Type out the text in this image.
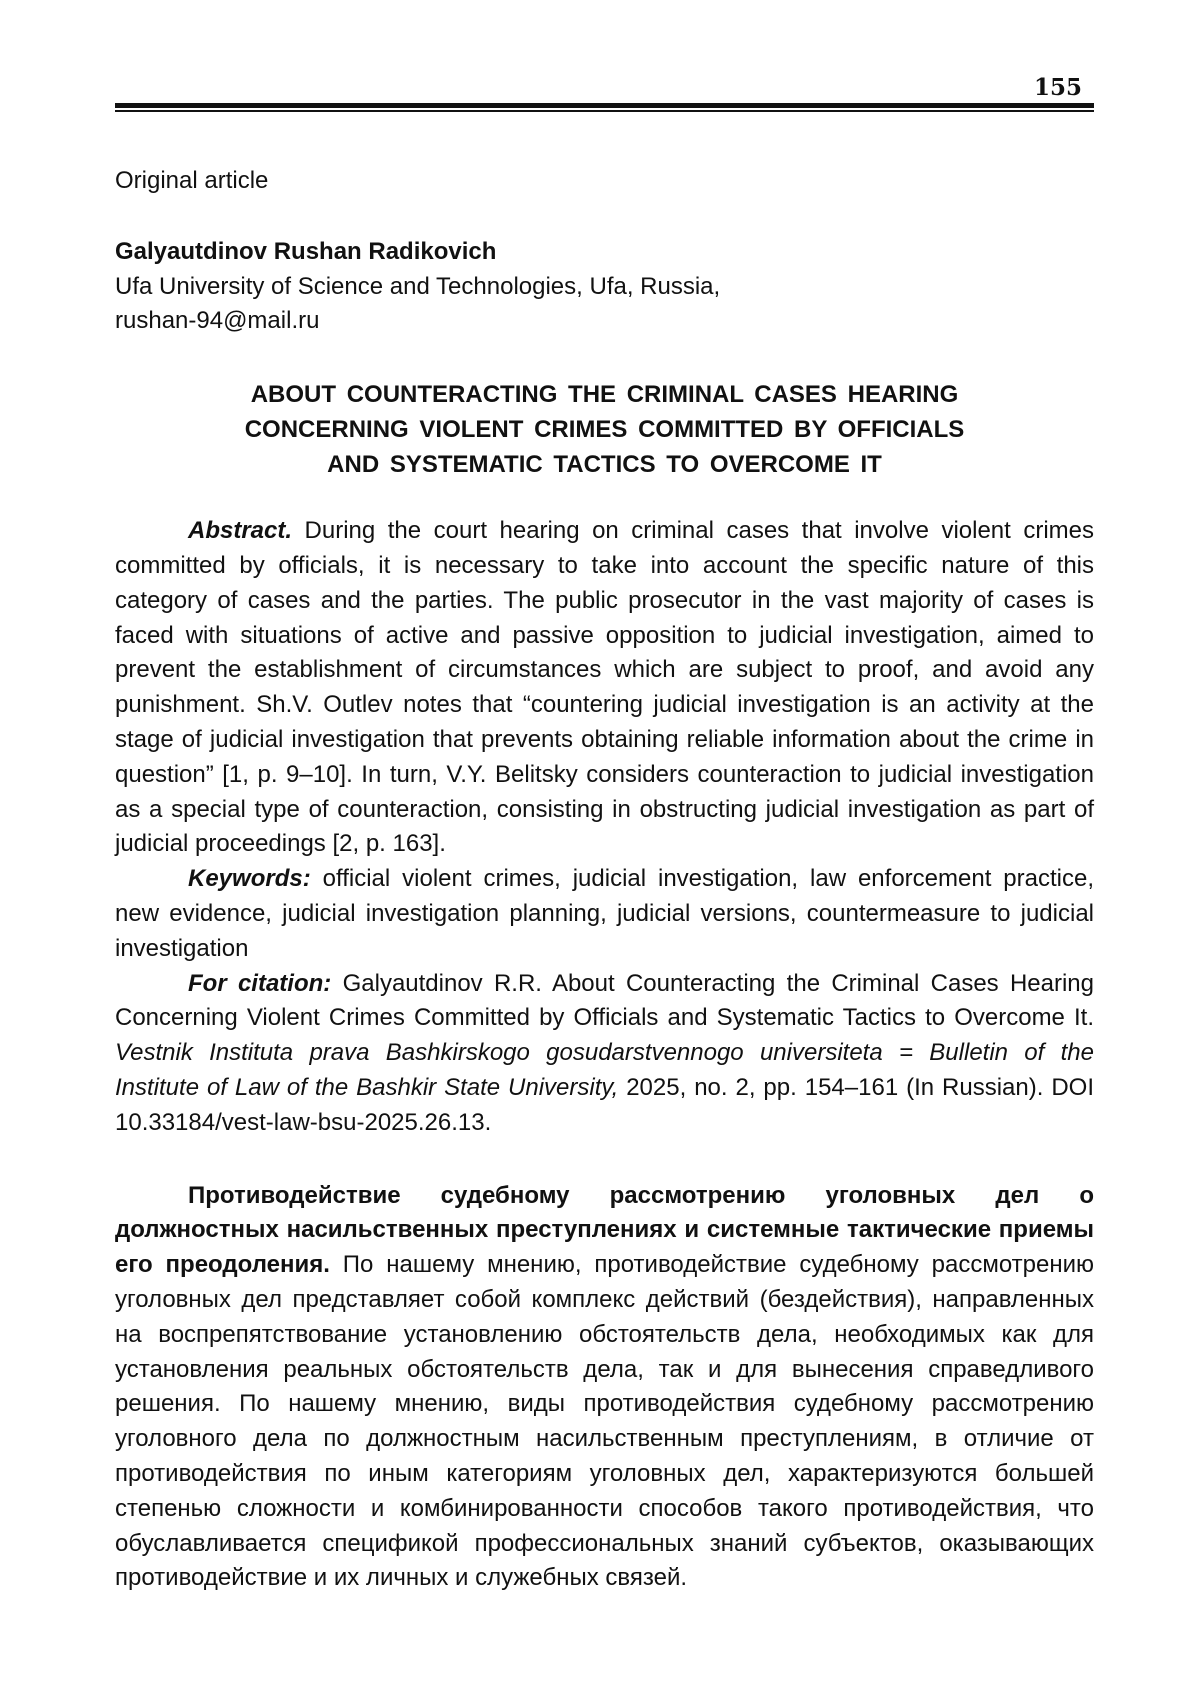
155

Original article

Galyautdinov Rushan Radikovich
Ufa University of Science and Technologies, Ufa, Russia,
rushan-94@mail.ru
ABOUT COUNTERACTING THE CRIMINAL CASES HEARING
CONCERNING VIOLENT CRIMES COMMITTED BY OFFICIALS
AND SYSTEMATIC TACTICS TO OVERCOME IT

Abstract. During the court hearing on criminal cases that involve violent crimes committed by officials, it is necessary to take into account the specific nature of this category of cases and the parties. The public prosecutor in the vast majority of cases is faced with situations of active and passive opposition to judicial investigation, aimed to prevent the establishment of circumstances which are subject to proof, and avoid any punishment. Sh.V. Outlev notes that “countering judicial investigation is an activity at the stage of judicial investigation that prevents obtaining reliable information about the crime in question” [1, p. 9–10]. In turn, V.Y. Belitsky considers counteraction to judicial investigation as a special type of counteraction, consisting in obstructing judicial investigation as part of judicial proceedings [2, p. 163].

Keywords: official violent crimes, judicial investigation, law enforcement practice, new evidence, judicial investigation planning, judicial versions, countermeasure to judicial investigation

For citation: Galyautdinov R.R. About Counteracting the Criminal Cases Hearing Concerning Violent Crimes Committed by Officials and Systematic Tactics to Overcome It. Vestnik Instituta prava Bashkirskogo gosudarstvennogo universiteta = Bulletin of the Institute of Law of the Bashkir State University, 2025, no. 2, pp. 154–161 (In Russian). DOI 10.33184/vest-law-bsu-2025.26.13.

Противодействие судебному рассмотрению уголовных дел о должностных насильственных преступлениях и системные тактические приемы его преодоления. По нашему мнению, противодействие судебному рассмотрению уголовных дел представляет собой комплекс действий (бездействия), направленных на воспрепятствование установлению обстоятельств дела, необходимых как для установления реальных обстоятельств дела, так и для вынесения справедливого решения. По нашему мнению, виды противодействия судебному рассмотрению уголовного дела по должностным насильственным преступлениям, в отличие от противодействия по иным категориям уголовных дел, характеризуются большей степенью сложности и комбинированности способов такого противодействия, что обуславливается спецификой профессиональных знаний субъектов, оказывающих противодействие и их личных и служебных связей.
